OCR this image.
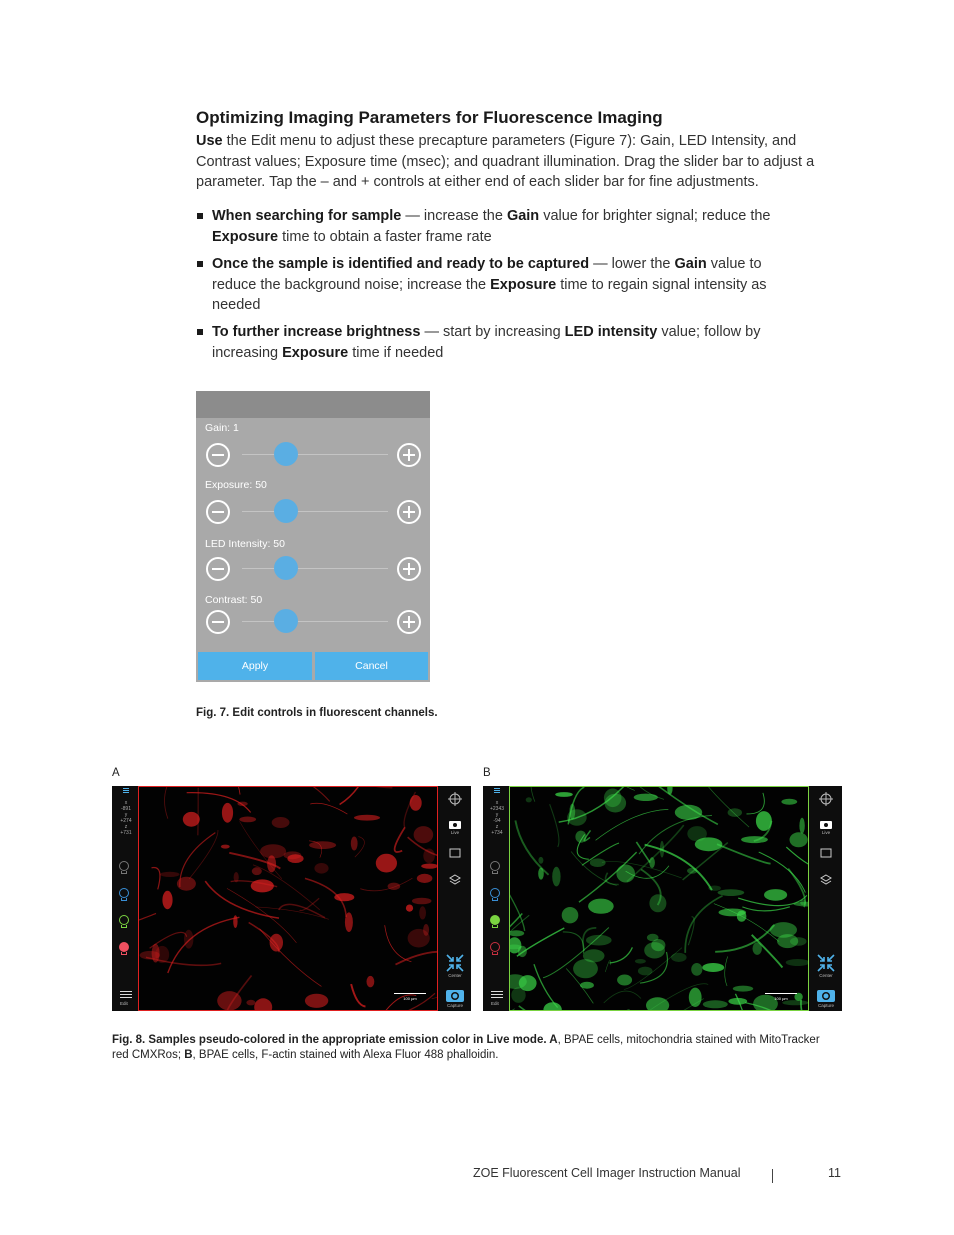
Optimizing Imaging Parameters for Fluorescence Imaging
Use the Edit menu to adjust these precapture parameters (Figure 7): Gain, LED Intensity, and Contrast values; Exposure time (msec); and quadrant illumination. Drag the slider bar to adjust a parameter. Tap the – and + controls at either end of each slider bar for fine adjustments.
When searching for sample — increase the Gain value for brighter signal; reduce the Exposure time to obtain a faster frame rate
Once the sample is identified and ready to be captured — lower the Gain value to reduce the background noise; increase the Exposure time to regain signal intensity as needed
To further increase brightness — start by increasing LED intensity value; follow by increasing Exposure time if needed
Gain: 1
Exposure: 50
LED Intensity: 50
Contrast: 50
Apply	Cancel
Fig. 7. Edit controls in fluorescent channels.
A	B
x
-891
y
+274
z
+731
Edit
100 µm
Live
Center
Capture
x
+2343
y
-94
z
+734
Edit
100 µm
Live
Center
Capture
Fig. 8. Samples pseudo-colored in the appropriate emission color in Live mode. A, BPAE cells, mitochondria stained with MitoTracker red CMXRos; B, BPAE cells, F-actin stained with Alexa Fluor 488 phalloidin.
ZOE Fluorescent Cell Imager Instruction Manual	11
